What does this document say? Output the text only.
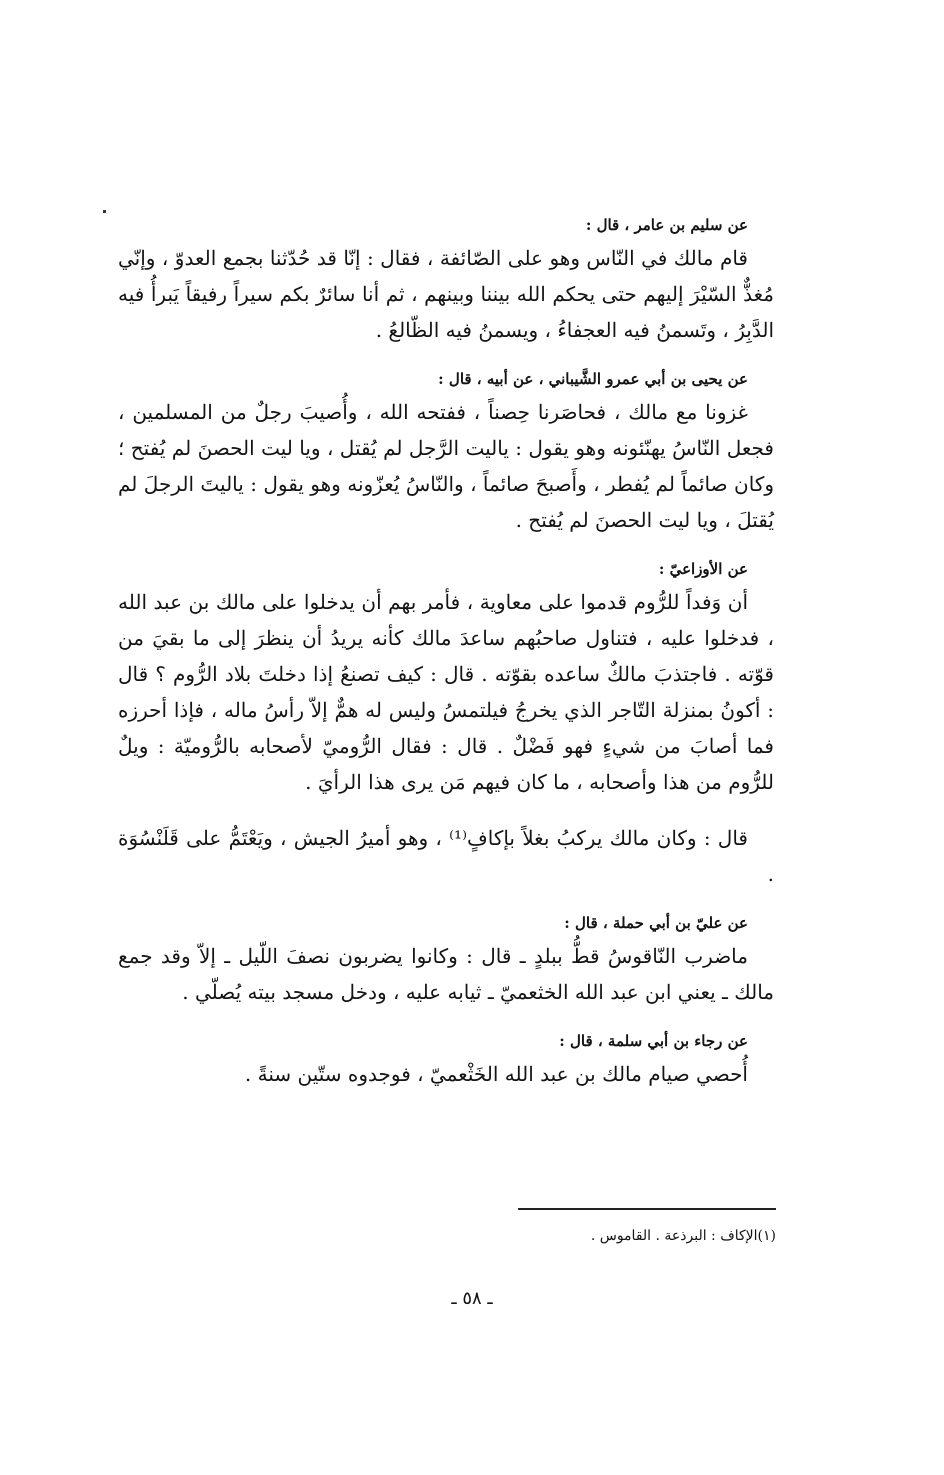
عن سليم بن عامر ، قال :

قام مالك في النّاس وهو على الصّائفة ، فقال : إنّا قد حُدّثنا بجمع العدوّ ، وإنّي مُغذٌّ السّيْرَ إليهم حتى يحكم الله بيننا وبينهم ، ثم أنا سائرٌ بكم سيراً رفيقاً يَبرأُ فيه الدَّبِرُ ، وتَسمنُ فيه العجفاءُ ، ويسمنُ فيه الظّالعُ .

عن يحيى بن أبي عمرو الشَّيباني ، عن أبيه ، قال :

غزونا مع مالك ، فحاصَرنا حِصناً ، ففتحه الله ، وأُصيبَ رجلٌ من المسلمين ، فجعل النّاسُ يهنّئونه وهو يقول : ياليت الرَّجل لم يُقتل ، ويا ليت الحصنَ لم يُفتح ؛ وكان صائماً لم يُفطر ، وأَصبحَ صائماً ، والنّاسُ يُعزّونه وهو يقول : ياليتَ الرجلَ لم يُقتلَ ، ويا ليت الحصنَ لم يُفتح .

عن الأوزاعيّ :

أن وَفداً للرُّوم قدموا على معاوية ، فأمر بهم أن يدخلوا على مالك بن عبد الله ، فدخلوا عليه ، فتناول صاحبُهم ساعدَ مالك كأنه يريدُ أن ينظرَ إلى ما بقيَ من قوّته . فاجتذبَ مالكٌ ساعده بقوّته . قال : كيف تصنعُ إذا دخلتَ بلاد الرُّوم ؟ قال : أكونُ بمنزلة التّاجر الذي يخرجُ فيلتمسُ وليس له همٌّ إلاّ رأسُ ماله ، فإذا أحرزه فما أصابَ من شيءٍ فهو فَضْلٌ . قال : فقال الرُّوميّ لأصحابه بالرُّوميّة : ويلٌ للرُّوم من هذا وأصحابه ، ما كان فيهم مَن يرى هذا الرأيَ .

قال : وكان مالك يركبُ بغلاً بإكافٍ⁽¹⁾ ، وهو أميرُ الجيش ، ويَعْتَمُّ على قَلَنْسُوَة .

عن عليّ بن أبي حملة ، قال :

ماضرب النّاقوسُ قطُّ ببلدٍ ـ قال : وكانوا يضربون نصفَ اللّيل ـ إلاّ وقد جمع مالك ـ يعني ابن عبد الله الخثعميّ ـ ثيابه عليه ، ودخل مسجد بيته يُصلّي .

عن رجاء بن أبي سلمة ، قال :

أُحصي صيام مالك بن عبد الله الخَثْعميّ ، فوجدوه ستّين سنةً .

(١)الإكاف : البرذعة . القاموس .
ـ ٥٨ ـ
